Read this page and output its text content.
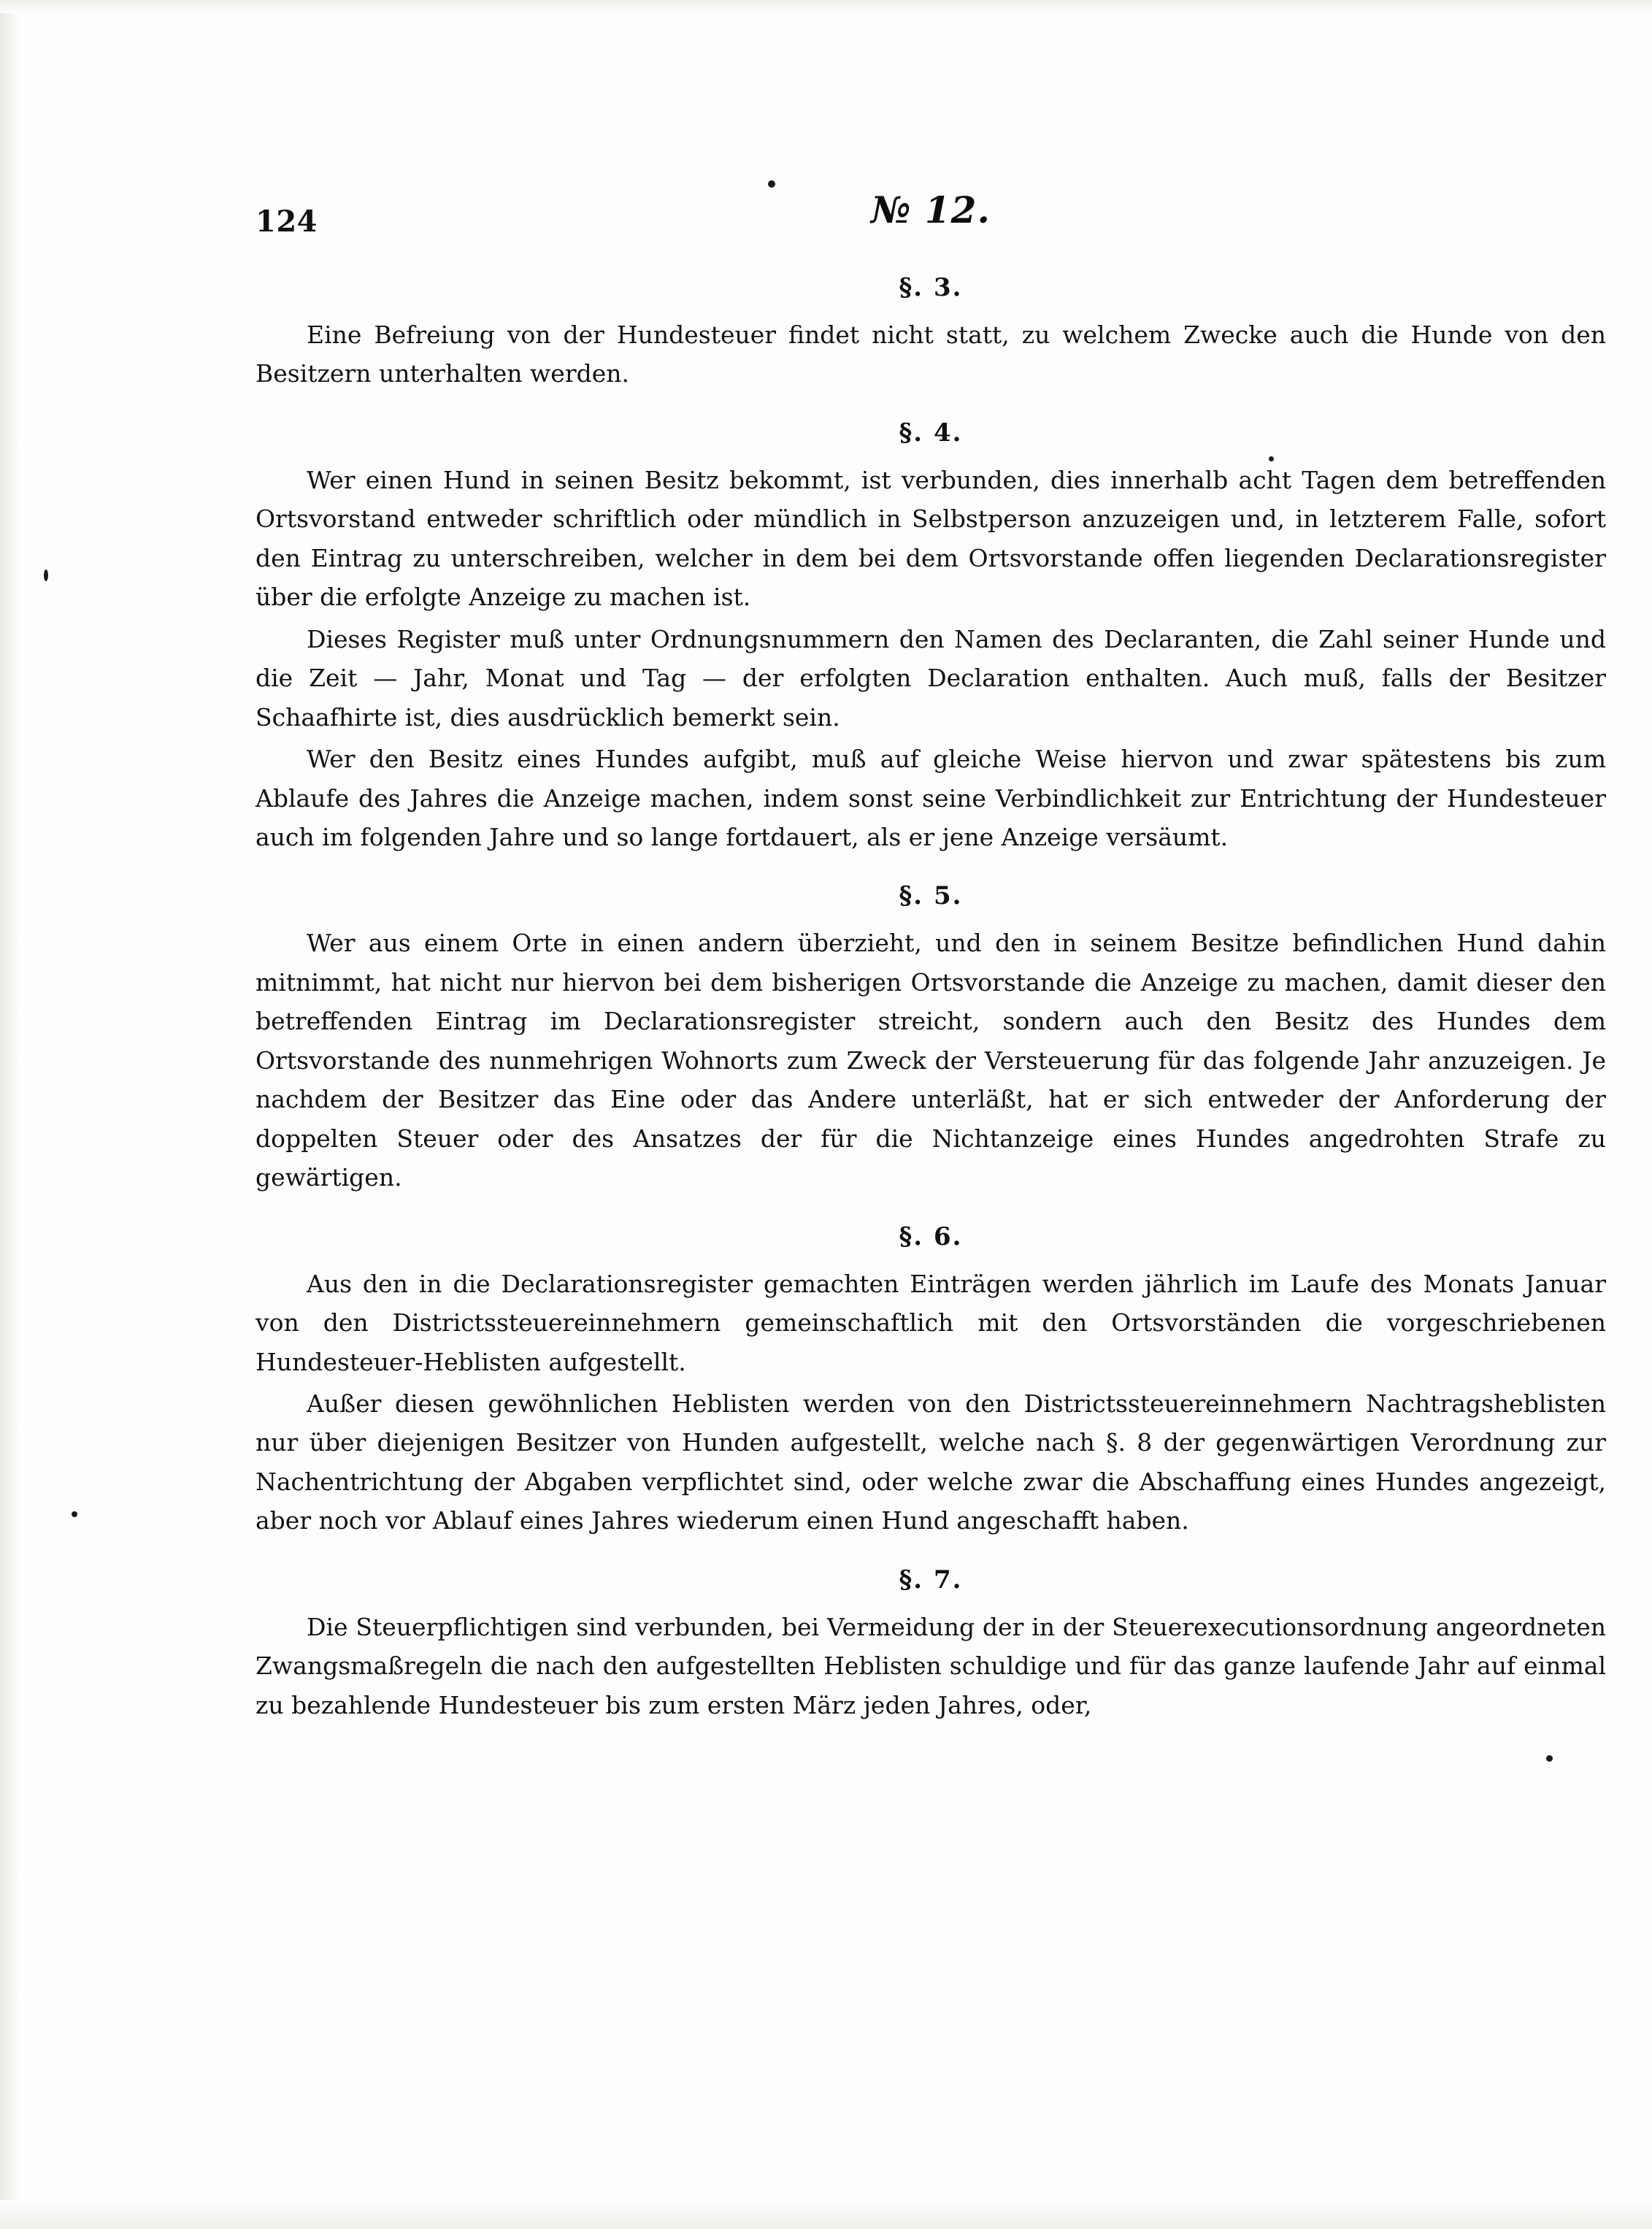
124	№ 12.
§. 3.

Eine Befreiung von der Hundesteuer findet nicht statt, zu welchem Zwecke auch die Hunde von den Besitzern unterhalten werden.

§. 4.

Wer einen Hund in seinen Besitz bekommt, ist verbunden, dies innerhalb acht Tagen dem betreffenden Ortsvorstand entweder schriftlich oder mündlich in Selbstperson anzuzeigen und, in letzterem Falle, sofort den Eintrag zu unterschreiben, welcher in dem bei dem Ortsvorstande offen liegenden Declarationsregister über die erfolgte Anzeige zu machen ist.

Dieses Register muß unter Ordnungsnummern den Namen des Declaranten, die Zahl seiner Hunde und die Zeit — Jahr, Monat und Tag — der erfolgten Declaration enthalten. Auch muß, falls der Besitzer Schaafhirte ist, dies ausdrücklich bemerkt sein.

Wer den Besitz eines Hundes aufgibt, muß auf gleiche Weise hiervon und zwar spätestens bis zum Ablaufe des Jahres die Anzeige machen, indem sonst seine Verbindlichkeit zur Entrichtung der Hundesteuer auch im folgenden Jahre und so lange fortdauert, als er jene Anzeige versäumt.

§. 5.

Wer aus einem Orte in einen andern überzieht, und den in seinem Besitze befindlichen Hund dahin mitnimmt, hat nicht nur hiervon bei dem bisherigen Ortsvorstande die Anzeige zu machen, damit dieser den betreffenden Eintrag im Declarationsregister streicht, sondern auch den Besitz des Hundes dem Ortsvorstande des nunmehrigen Wohnorts zum Zweck der Versteuerung für das folgende Jahr anzuzeigen. Je nachdem der Besitzer das Eine oder das Andere unterläßt, hat er sich entweder der Anforderung der doppelten Steuer oder des Ansatzes der für die Nichtanzeige eines Hundes angedrohten Strafe zu gewärtigen.

§. 6.

Aus den in die Declarationsregister gemachten Einträgen werden jährlich im Laufe des Monats Januar von den Districtssteuereinnehmern gemeinschaftlich mit den Ortsvorständen die vorgeschriebenen Hundesteuer-Heblisten aufgestellt.

Außer diesen gewöhnlichen Heblisten werden von den Districtssteuereinnehmern Nachtragsheblisten nur über diejenigen Besitzer von Hunden aufgestellt, welche nach §. 8 der gegenwärtigen Verordnung zur Nachentrichtung der Abgaben verpflichtet sind, oder welche zwar die Abschaffung eines Hundes angezeigt, aber noch vor Ablauf eines Jahres wiederum einen Hund angeschafft haben.

§. 7.

Die Steuerpflichtigen sind verbunden, bei Vermeidung der in der Steuerexecutionsordnung angeordneten Zwangsmaßregeln die nach den aufgestellten Heblisten schuldige und für das ganze laufende Jahr auf einmal zu bezahlende Hundesteuer bis zum ersten März jeden Jahres, oder,
